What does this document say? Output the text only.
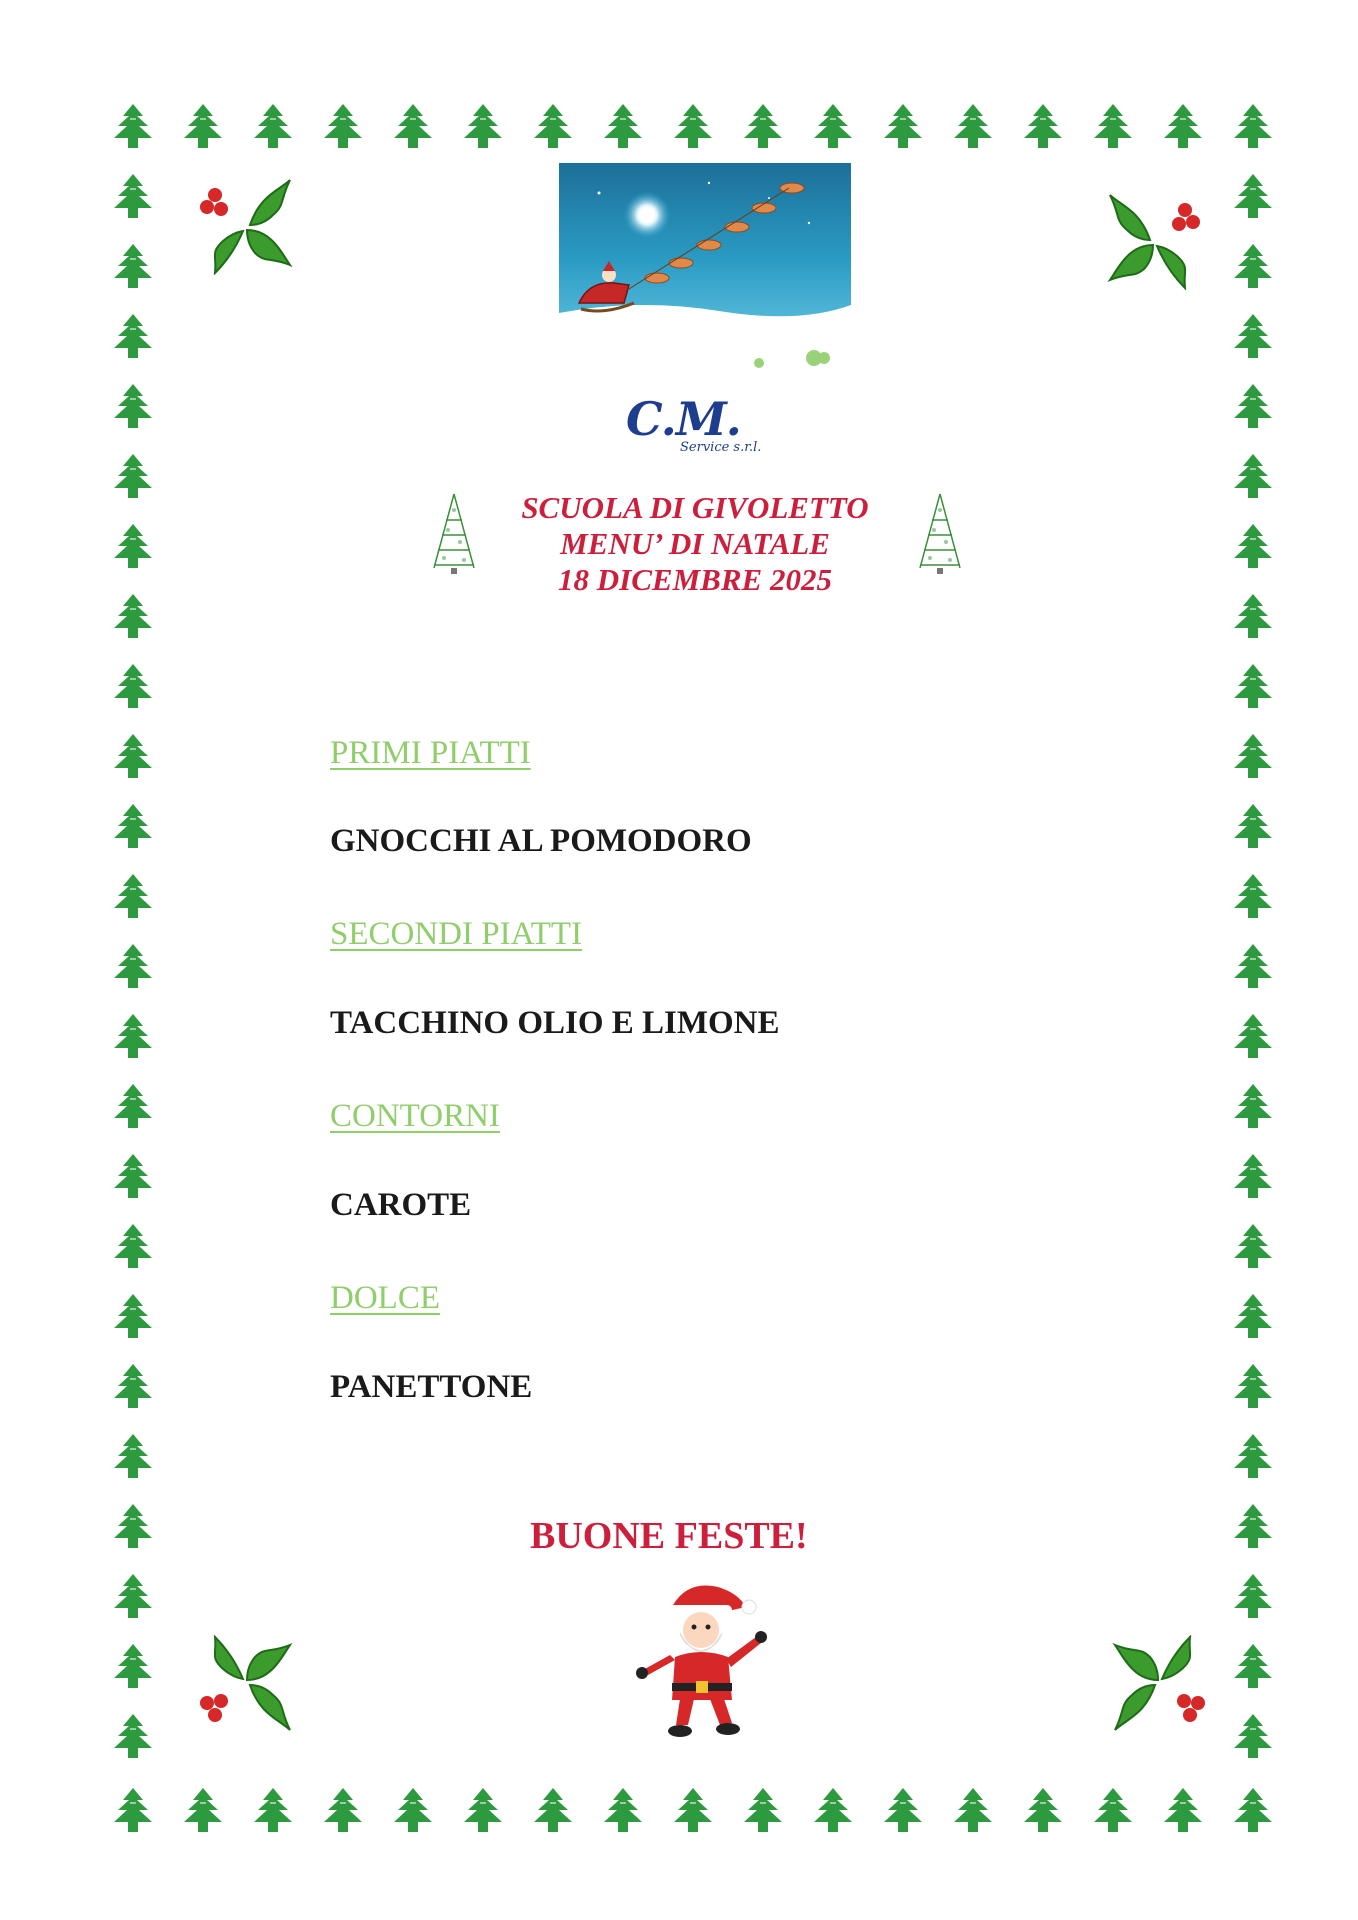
C.M.
Service s.r.l.
SCUOLA DI GIVOLETTO
MENU’ DI NATALE
18 DICEMBRE 2025
PRIMI PIATTI
GNOCCHI AL POMODORO
SECONDI PIATTI
TACCHINO OLIO E LIMONE
CONTORNI
CAROTE
DOLCE
PANETTONE
BUONE FESTE!
